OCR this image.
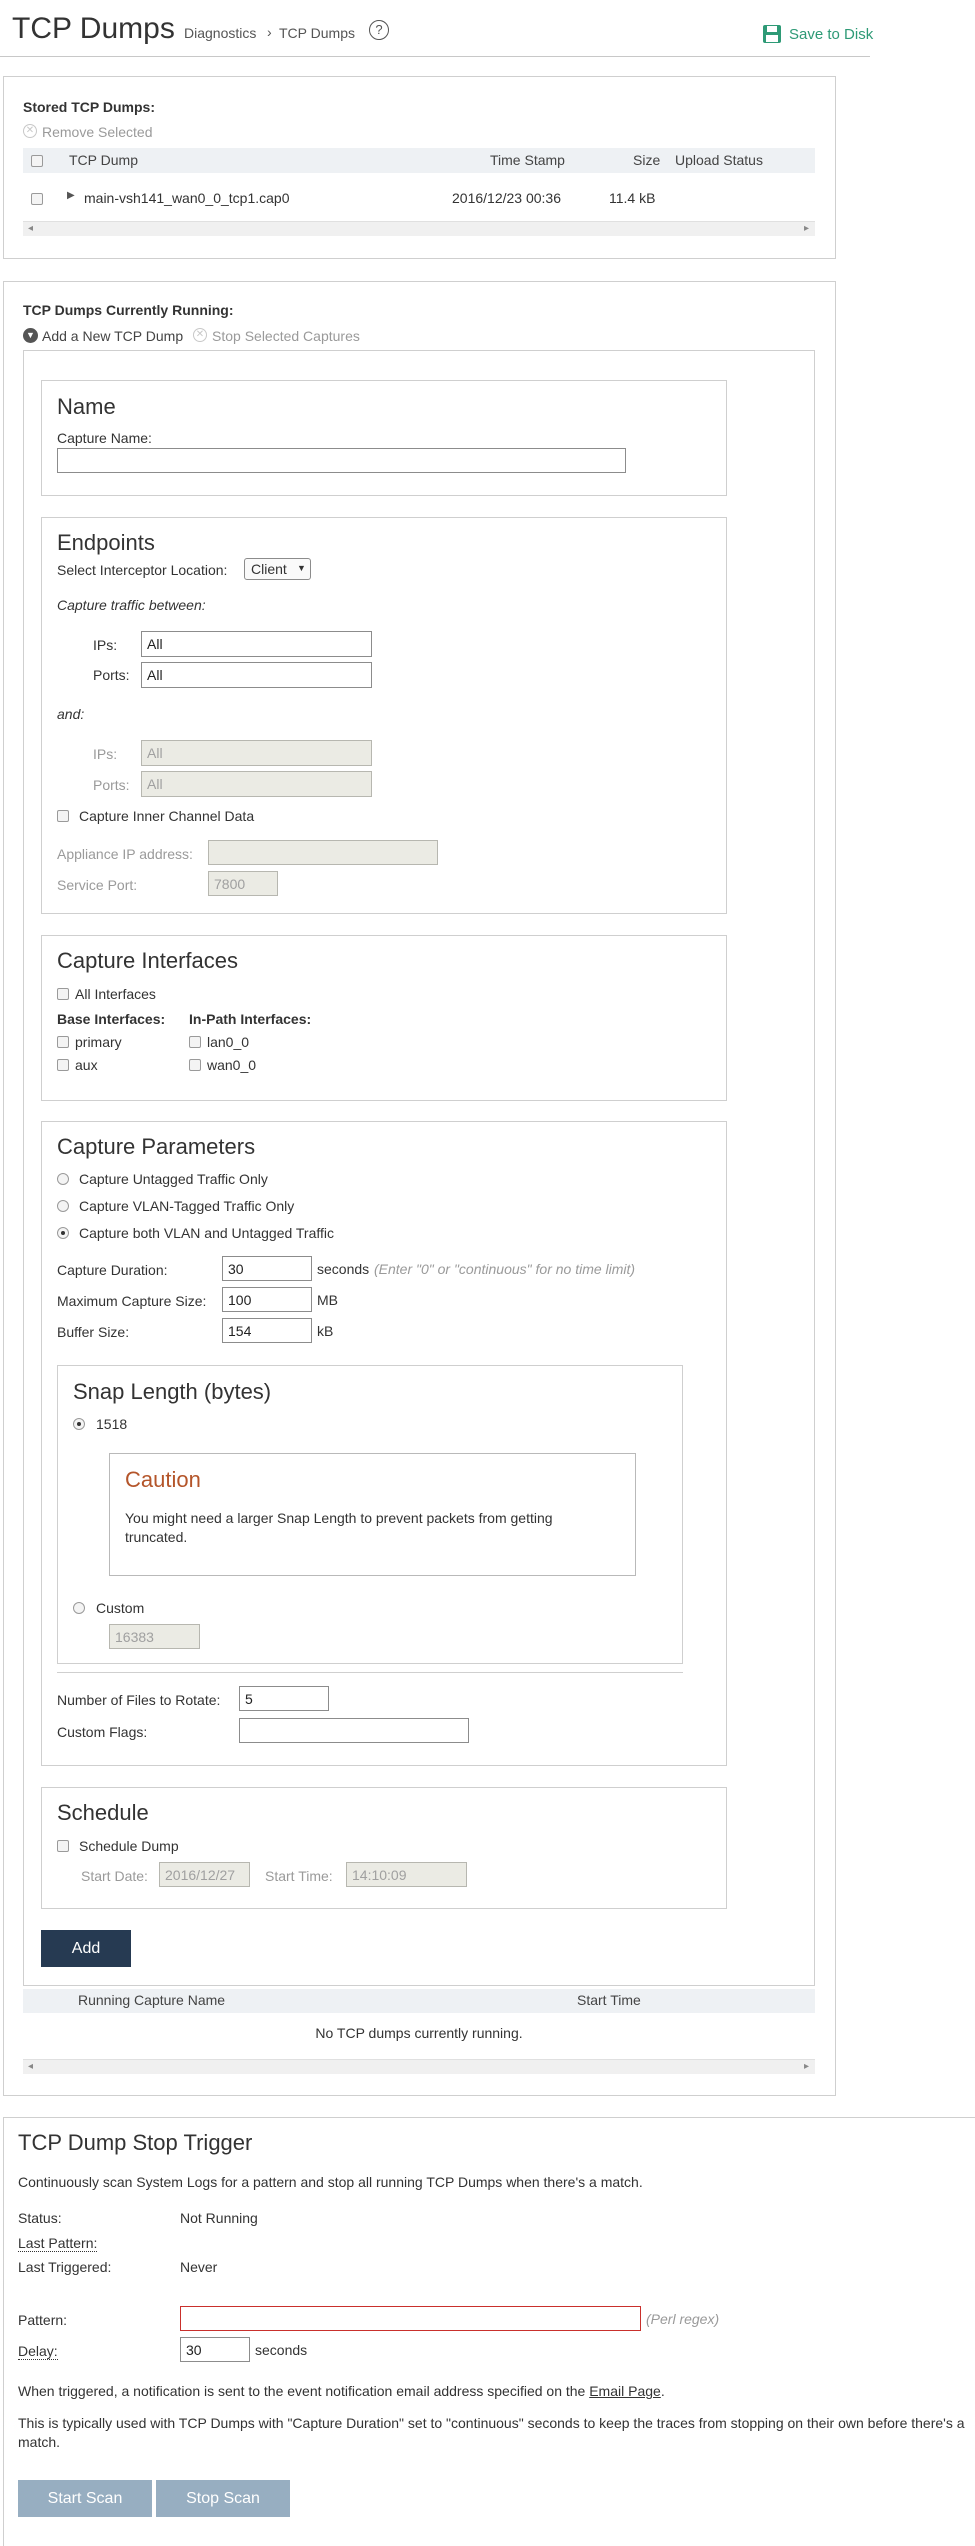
TCP Dumps Diagnostics › TCP Dumps	?	Save to Disk
Stored TCP Dumps:
✕ Remove Selected
TCP Dump	Time Stamp	Size Upload Status
▶ main-vsh141_wan0_0_tcp1.cap0	2016/12/23 00:36	11.4 kB
◂	▸
TCP Dumps Currently Running:
▼ Add a New TCP Dump ✕ Stop Selected Captures
Name
Capture Name:
Endpoints
Select Interceptor Location: Client ▼
Capture traffic between:
IPs:
All
Ports:
All
and:
IPs:
All
Ports:
All
Capture Inner Channel Data
Appliance IP address:
Service Port:
7800
Capture Interfaces
All Interfaces
Base Interfaces: In-Path Interfaces:
primary	lan0_0
aux	wan0_0
Capture Parameters
Capture Untagged Traffic Only
Capture VLAN-Tagged Traffic Only
Capture both VLAN and Untagged Traffic
Capture Duration:
30	seconds (Enter "0" or "continuous" for no time limit)
Maximum Capture Size:
100	MB
Buffer Size:
154	kB
Snap Length (bytes)
1518
Caution
You might need a larger Snap Length to prevent packets from getting truncated.
Custom
16383
Number of Files to Rotate:
5
Custom Flags:
Schedule
Schedule Dump
Start Date:
2016/12/27	Start Time:
14:10:09
Add
Running Capture Name	Start Time
No TCP dumps currently running.
◂	▸
TCP Dump Stop Trigger
Continuously scan System Logs for a pattern and stop all running TCP Dumps when there's a match.
Status:	Not Running
Last Pattern:
Last Triggered:	Never
Pattern:	(Perl regex)
Delay:
30	seconds
When triggered, a notification is sent to the event notification email address specified on the Email Page.
This is typically used with TCP Dumps with "Capture Duration" set to "continuous" seconds to keep the traces from stopping on their own before there's a match.
Start Scan	Stop Scan
